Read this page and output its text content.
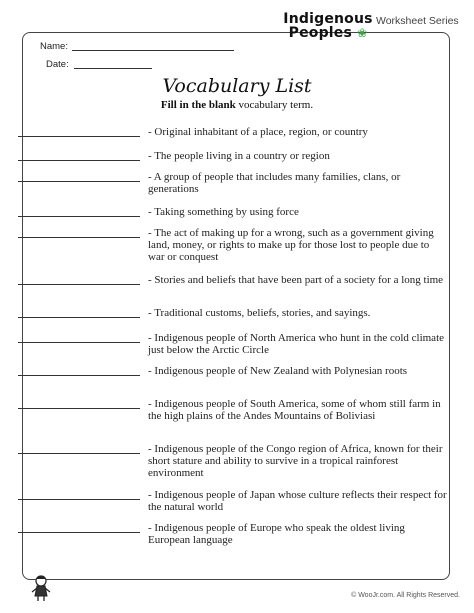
Indigenous
Peoples ❀
Worksheet Series
Name:
Date:
Vocabulary List
Fill in the blank vocabulary term.
- Original inhabitant of a place, region, or country
- The people living in a country or region
- A group of people that includes many families, clans, or generations
- Taking something by using force
- The act of making up for a wrong, such as a government giving land, money, or rights to make up for those lost to people due to war or conquest
- Stories and beliefs that have been part of a society for a long time
- Traditional customs, beliefs, stories, and sayings.
- Indigenous people of North America who hunt in the cold climate just below the Arctic Circle
- Indigenous people of New Zealand with Polynesian roots
- Indigenous people of South America, some of whom still farm in the high plains of the Andes Mountains of Boliviasi
- Indigenous people of the Congo region of Africa, known for their short stature and ability to survive in a tropical rainforest environment
- Indigenous people of Japan whose culture reflects their respect for the natural world
- Indigenous people of Europe who speak the oldest living European language
© WooJr.com. All Rights Reserved.
